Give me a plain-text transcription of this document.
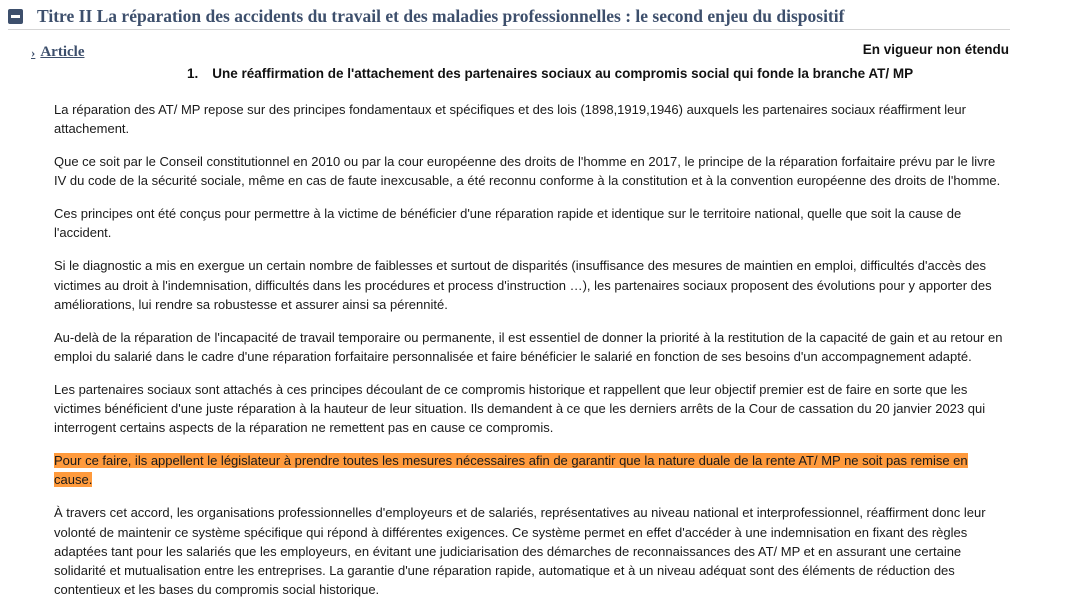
Titre II La réparation des accidents du travail et des maladies professionnelles : le second enjeu du dispositif
› Article	En vigueur non étendu
1. Une réaffirmation de l'attachement des partenaires sociaux au compromis social qui fonde la branche AT/ MP

La réparation des AT/ MP repose sur des principes fondamentaux et spécifiques et des lois (1898,1919,1946) auxquels les partenaires sociaux réaffirment leur attachement.

Que ce soit par le Conseil constitutionnel en 2010 ou par la cour européenne des droits de l'homme en 2017, le principe de la réparation forfaitaire prévu par le livre IV du code de la sécurité sociale, même en cas de faute inexcusable, a été reconnu conforme à la constitution et à la convention européenne des droits de l'homme.

Ces principes ont été conçus pour permettre à la victime de bénéficier d'une réparation rapide et identique sur le territoire national, quelle que soit la cause de l'accident.

Si le diagnostic a mis en exergue un certain nombre de faiblesses et surtout de disparités (insuffisance des mesures de maintien en emploi, difficultés d'accès des victimes au droit à l'indemnisation, difficultés dans les procédures et process d'instruction …), les partenaires sociaux proposent des évolutions pour y apporter des améliorations, lui rendre sa robustesse et assurer ainsi sa pérennité.

Au-delà de la réparation de l'incapacité de travail temporaire ou permanente, il est essentiel de donner la priorité à la restitution de la capacité de gain et au retour en emploi du salarié dans le cadre d'une réparation forfaitaire personnalisée et faire bénéficier le salarié en fonction de ses besoins d'un accompagnement adapté.

Les partenaires sociaux sont attachés à ces principes découlant de ce compromis historique et rappellent que leur objectif premier est de faire en sorte que les victimes bénéficient d'une juste réparation à la hauteur de leur situation. Ils demandent à ce que les derniers arrêts de la Cour de cassation du 20 janvier 2023 qui interrogent certains aspects de la réparation ne remettent pas en cause ce compromis.

Pour ce faire, ils appellent le législateur à prendre toutes les mesures nécessaires afin de garantir que la nature duale de la rente AT/ MP ne soit pas remise en cause.

À travers cet accord, les organisations professionnelles d'employeurs et de salariés, représentatives au niveau national et interprofessionnel, réaffirment donc leur volonté de maintenir ce système spécifique qui répond à différentes exigences. Ce système permet en effet d'accéder à une indemnisation en fixant des règles adaptées tant pour les salariés que les employeurs, en évitant une judiciarisation des démarches de reconnaissances des AT/ MP et en assurant une certaine solidarité et mutualisation entre les entreprises. La garantie d'une réparation rapide, automatique et à un niveau adéquat sont des éléments de réduction des contentieux et les bases du compromis social historique.
